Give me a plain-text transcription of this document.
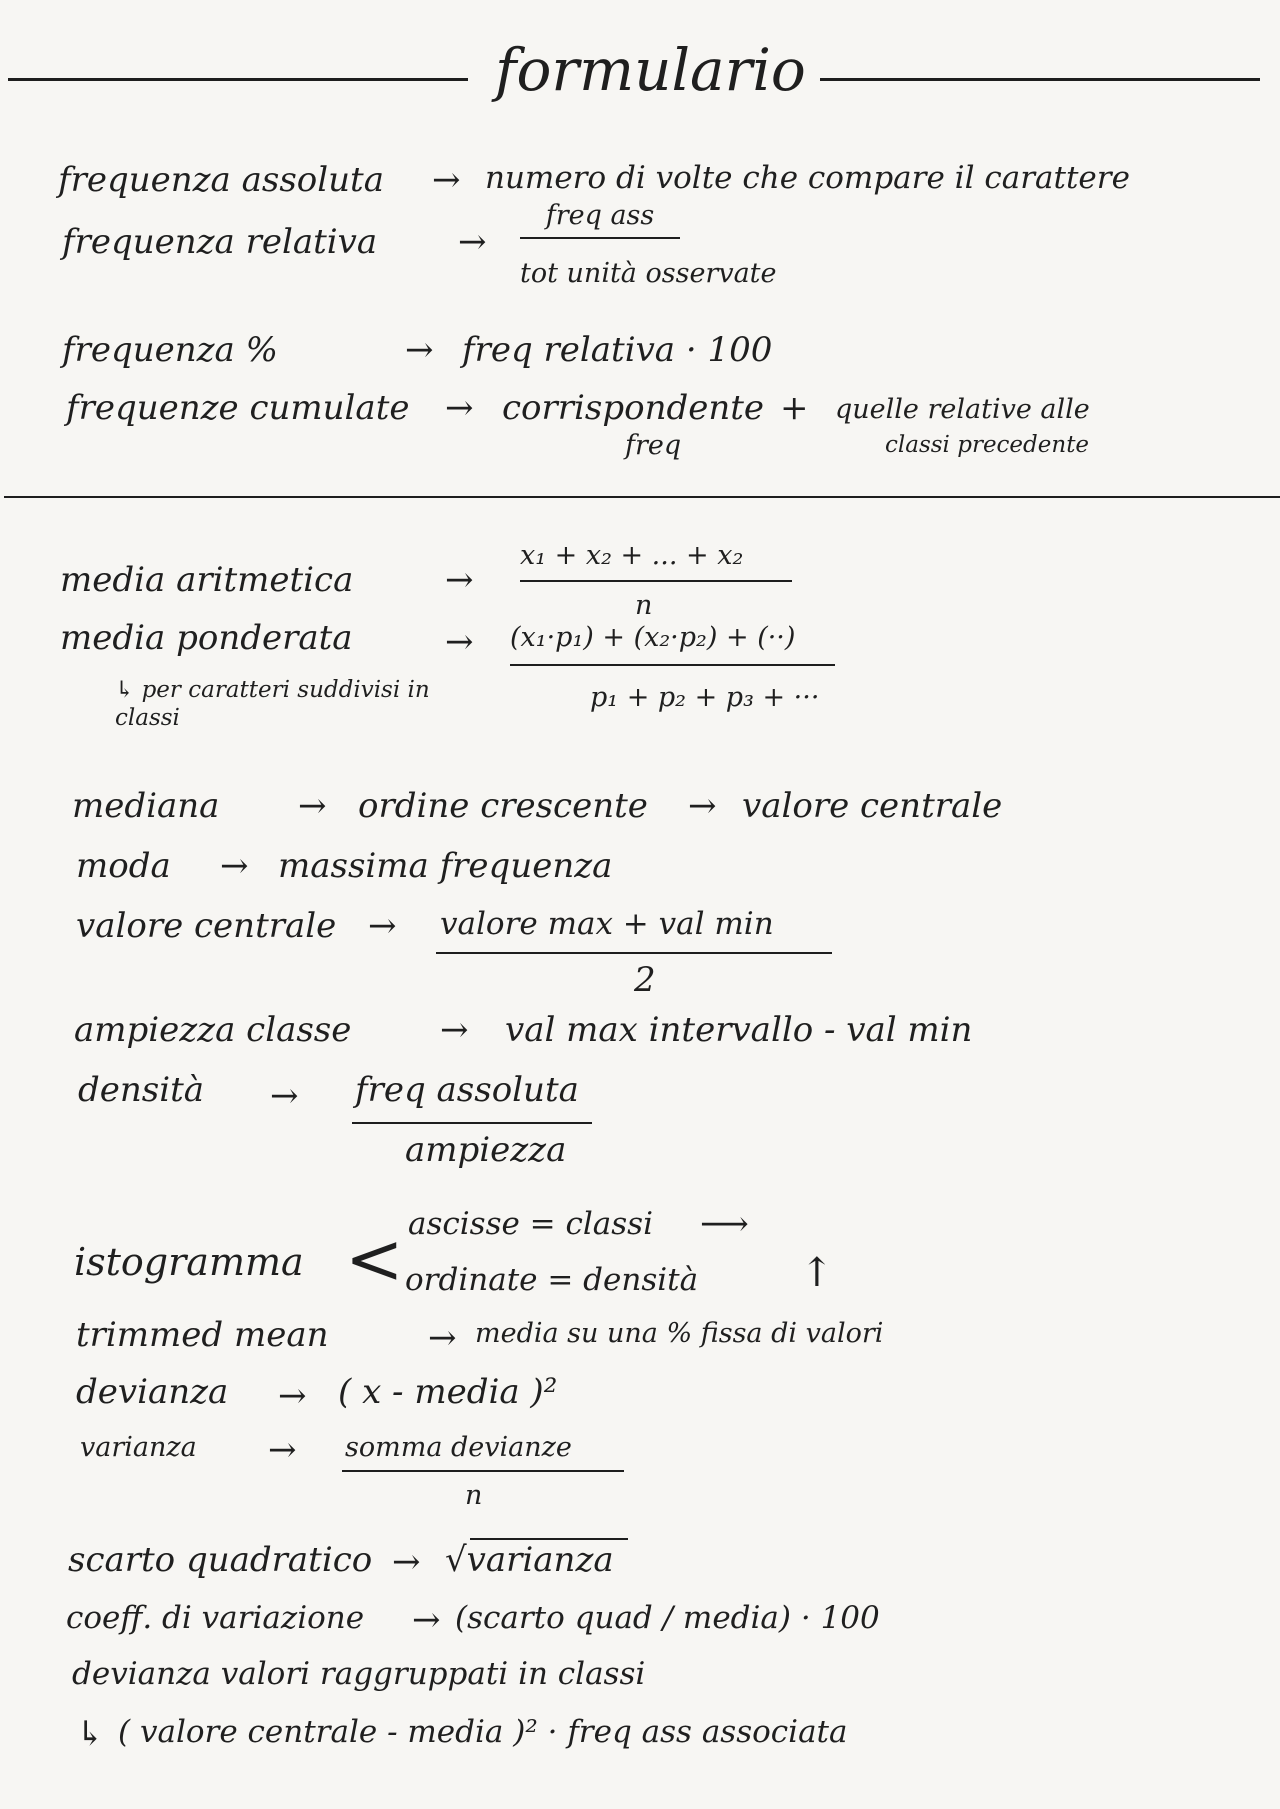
formulario
frequenza assoluta → numero di volte che compare il carattere
frequenza relativa →
freq ass
tot unità osservate
frequenza %	→ freq relativa · 100
frequenze cumulate → corrispondente
freq
+ quelle relative alle
classi precedente
media aritmetica	→
x₁ + x₂ + ... + x₂
n
media ponderata	→ (x₁·p₁) + (x₂·p₂) + (··)
p₁ + p₂ + p₃ + ···
↳ per caratteri suddivisi in classi
mediana → ordine crescente → valore centrale
moda → massima frequenza
valore centrale → valore max + val min
2
ampiezza classe	→ val max intervallo - val min
densità → freq assoluta
ampiezza
istogramma < ascisse = classi ⟶
ordinate = densità	↑
trimmed mean	→ media su una % fissa di valori
devianza → ( x - media )²
varianza → somma devianze
n
scarto quadratico → √varianza
coeff. di variazione → (scarto quad / media) · 100
devianza valori raggruppati in classi
↳ ( valore centrale - media )² · freq ass associata
